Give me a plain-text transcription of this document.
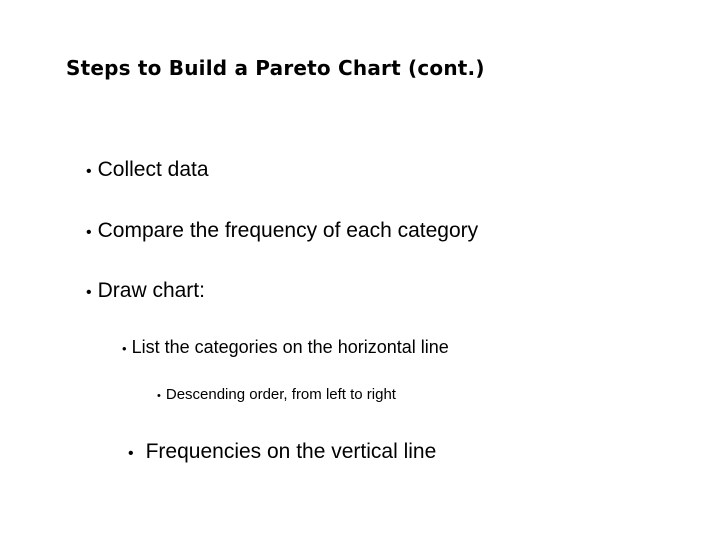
Steps to Build a Pareto Chart (cont.)
• Collect data
• Compare the frequency of each category
• Draw chart:
• List the categories on the horizontal line
• Descending order, from left to right
• Frequencies on the vertical line
